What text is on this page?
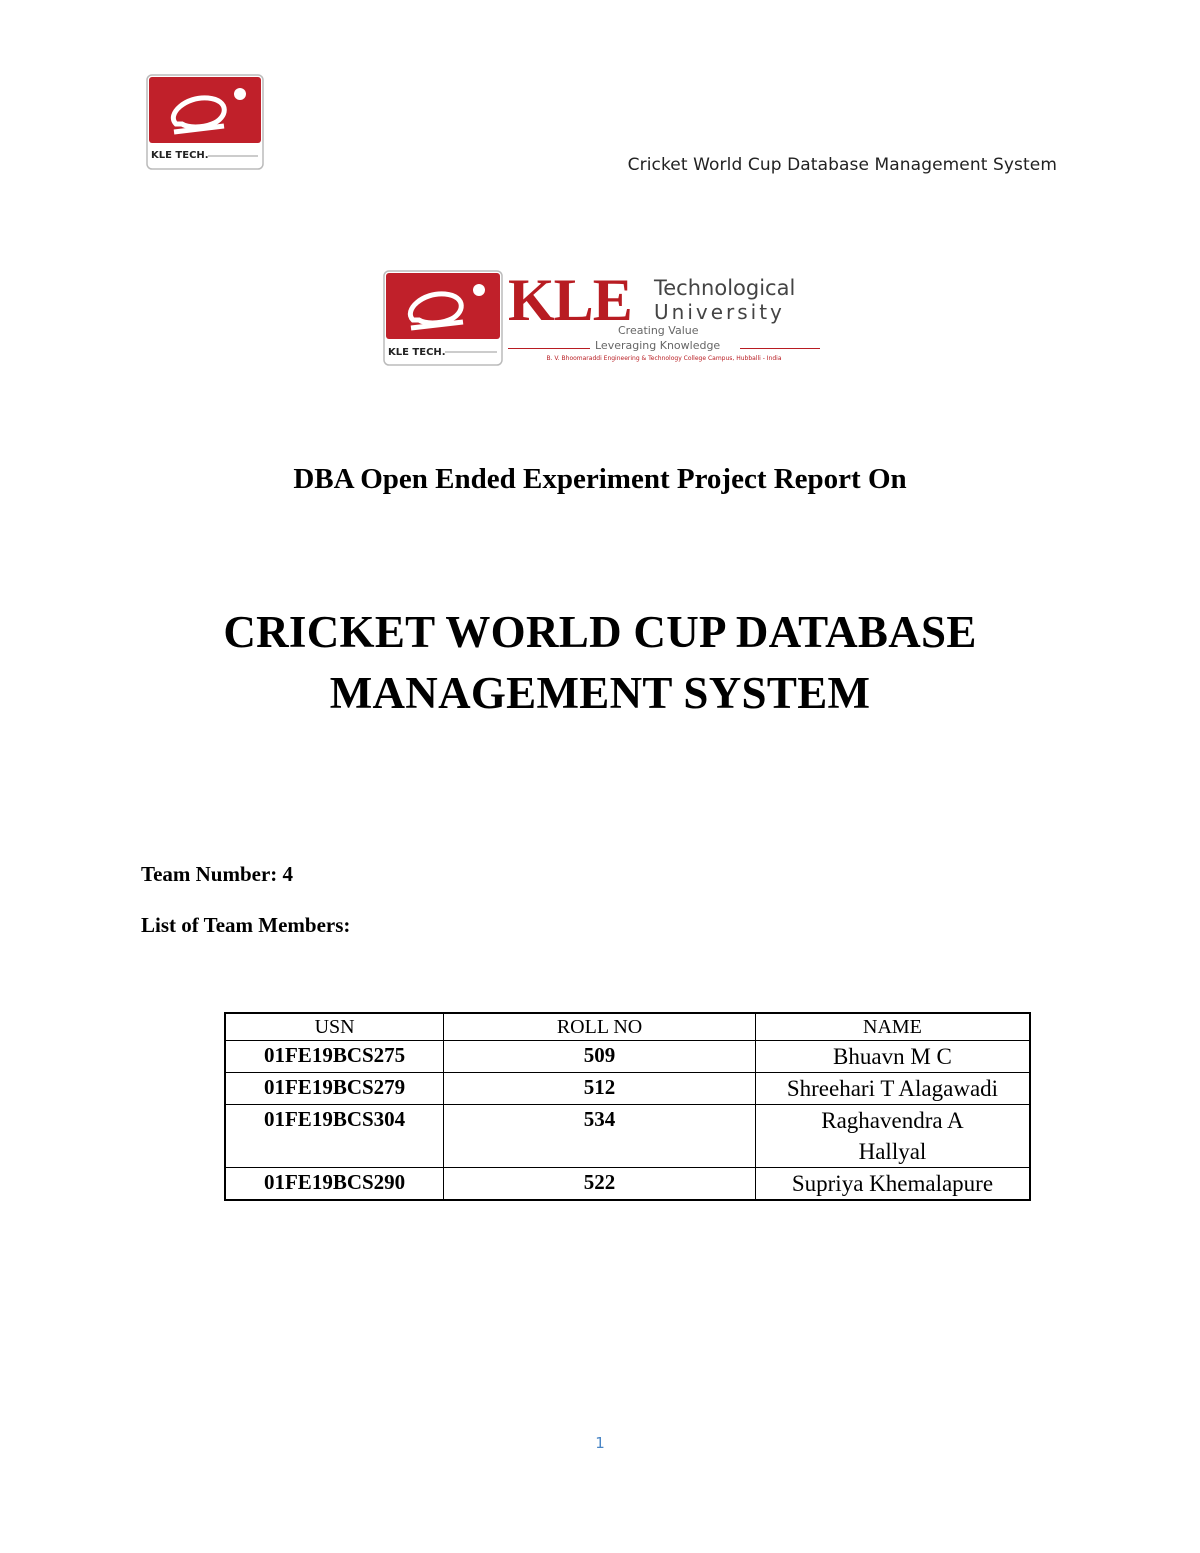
KLE TECH.	Cricket World Cup Database Management System
KLE TECH.
KLE Technological
University
Creating Value
Leveraging Knowledge
B. V. Bhoomaraddi Engineering & Technology College Campus, Hubballi - India
DBA Open Ended Experiment Project Report On
CRICKET WORLD CUP DATABASE
MANAGEMENT SYSTEM
Team Number: 4
List of Team Members:
USN	ROLL NO	NAME
01FE19BCS275	509	Bhuavn M C
01FE19BCS279	512	Shreehari T Alagawadi
01FE19BCS304	534	Raghavendra A Hallyal
01FE19BCS290	522	Supriya Khemalapure
1
